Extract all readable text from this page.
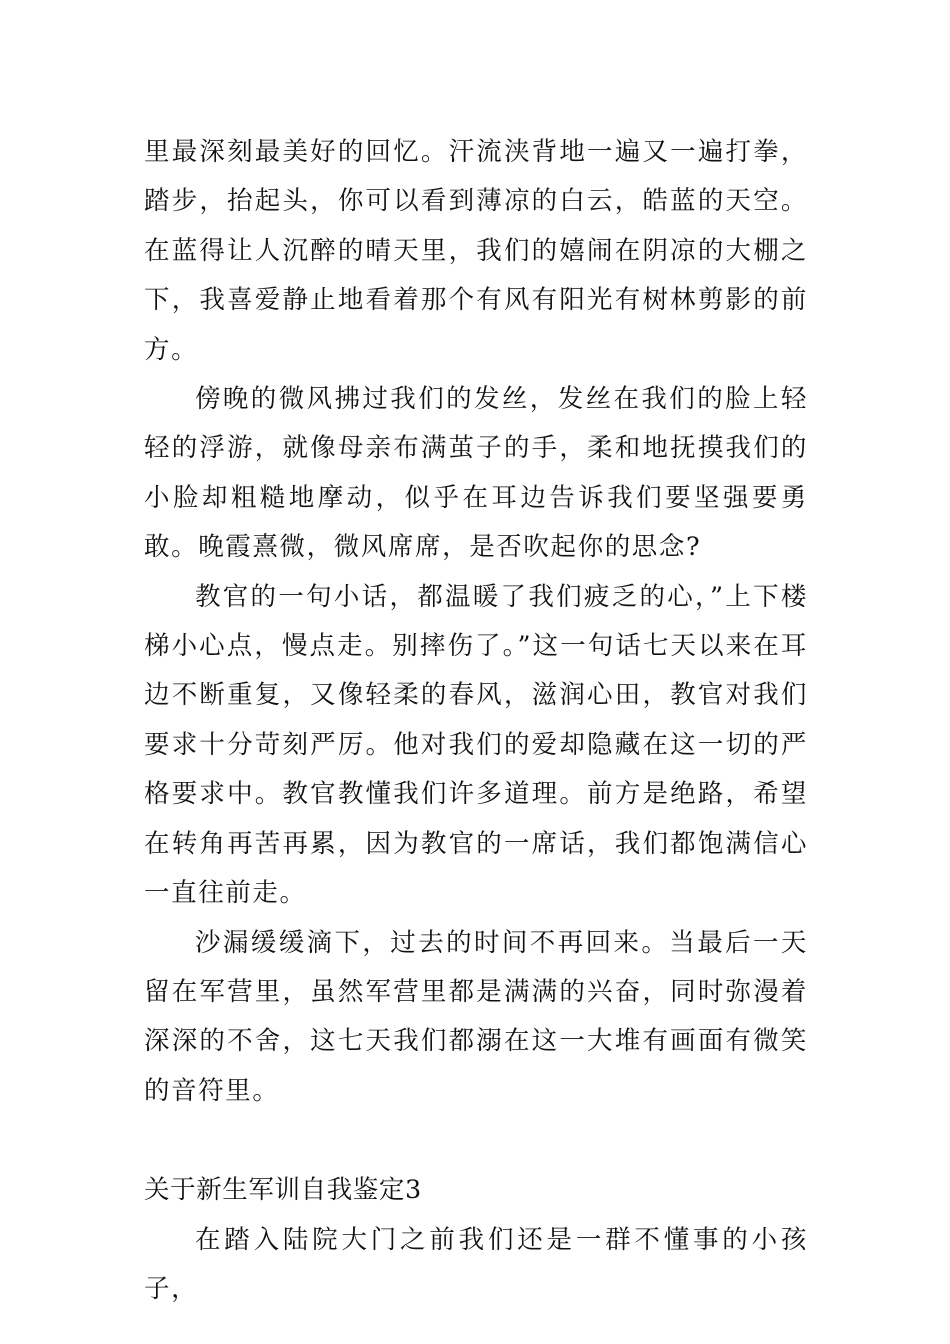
里最深刻最美好的回忆。汗流浃背地一遍又一遍打拳，踏步，抬起头，你可以看到薄凉的白云，皓蓝的天空。在蓝得让人沉醉的晴天里，我们的嬉闹在阴凉的大棚之下，我喜爱静止地看着那个有风有阳光有树林剪影的前方。

傍晚的微风拂过我们的发丝，发丝在我们的脸上轻轻的浮游，就像母亲布满茧子的手，柔和地抚摸我们的小脸却粗糙地摩动，似乎在耳边告诉我们要坚强要勇敢。晚霞熹微，微风席席，是否吹起你的思念?

教官的一句小话，都温暖了我们疲乏的心，”上下楼梯小心点，慢点走。别摔伤了。”这一句话七天以来在耳边不断重复，又像轻柔的春风，滋润心田，教官对我们要求十分苛刻严厉。他对我们的爱却隐藏在这一切的严格要求中。教官教懂我们许多道理。前方是绝路，希望在转角再苦再累，因为教官的一席话，我们都饱满信心一直往前走。

沙漏缓缓滴下，过去的时间不再回来。当最后一天留在军营里，虽然军营里都是满满的兴奋，同时弥漫着深深的不舍，这七天我们都溺在这一大堆有画面有微笑的音符里。

关于新生军训自我鉴定3

在踏入陆院大门之前我们还是一群不懂事的小孩子，
